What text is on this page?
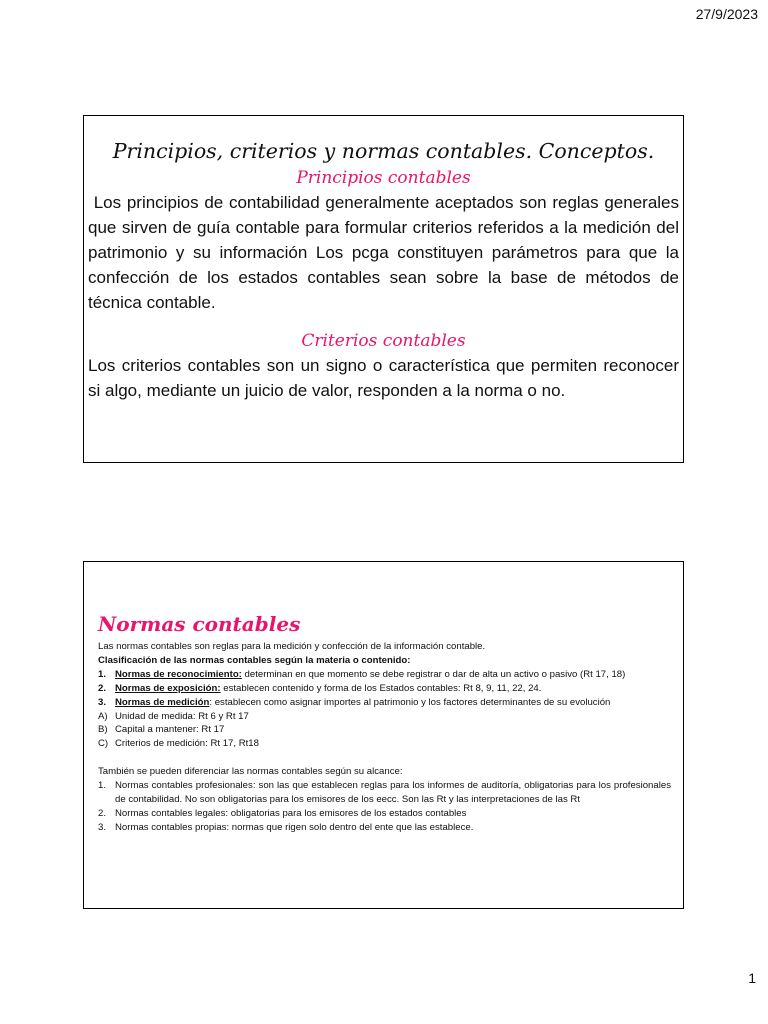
27/9/2023

Principios, criterios y normas contables. Conceptos.

Principios contables

Los principios de contabilidad generalmente aceptados son reglas generales que sirven de guía contable para formular criterios referidos a la medición del patrimonio y su información Los pcga constituyen parámetros para que la confección de los estados contables sean sobre la base de métodos de técnica contable.

Criterios contables

Los criterios contables son un signo o característica que permiten reconocer si algo, mediante un juicio de valor, responden a la norma o no.

Normas contables

Las normas contables son reglas para la medición y confección de la información contable.

Clasificación de las normas contables según la materia o contenido:

1. Normas de reconocimiento: determinan en que momento se debe registrar o dar de alta un activo o pasivo (Rt 17, 18)
2. Normas de exposición: establecen contenido y forma de los Estados contables: Rt 8, 9, 11, 22, 24.
3. Normas de medición: establecen como asignar importes al patrimonio y los factores determinantes de su evolución
A) Unidad de medida: Rt 6 y Rt 17
B) Capital a mantener: Rt 17
C) Criterios de medición: Rt 17, Rt18

También se pueden diferenciar las normas contables según su alcance:

1. Normas contables profesionales: son las que establecen reglas para los informes de auditoría, obligatorias para los profesionales de contabilidad. No son obligatorias para los emisores de los eecc. Son las Rt y las interpretaciones de las Rt
2. Normas contables legales: obligatorias para los emisores de los estados contables
3. Normas contables propias: normas que rigen solo dentro del ente que las establece.
1
